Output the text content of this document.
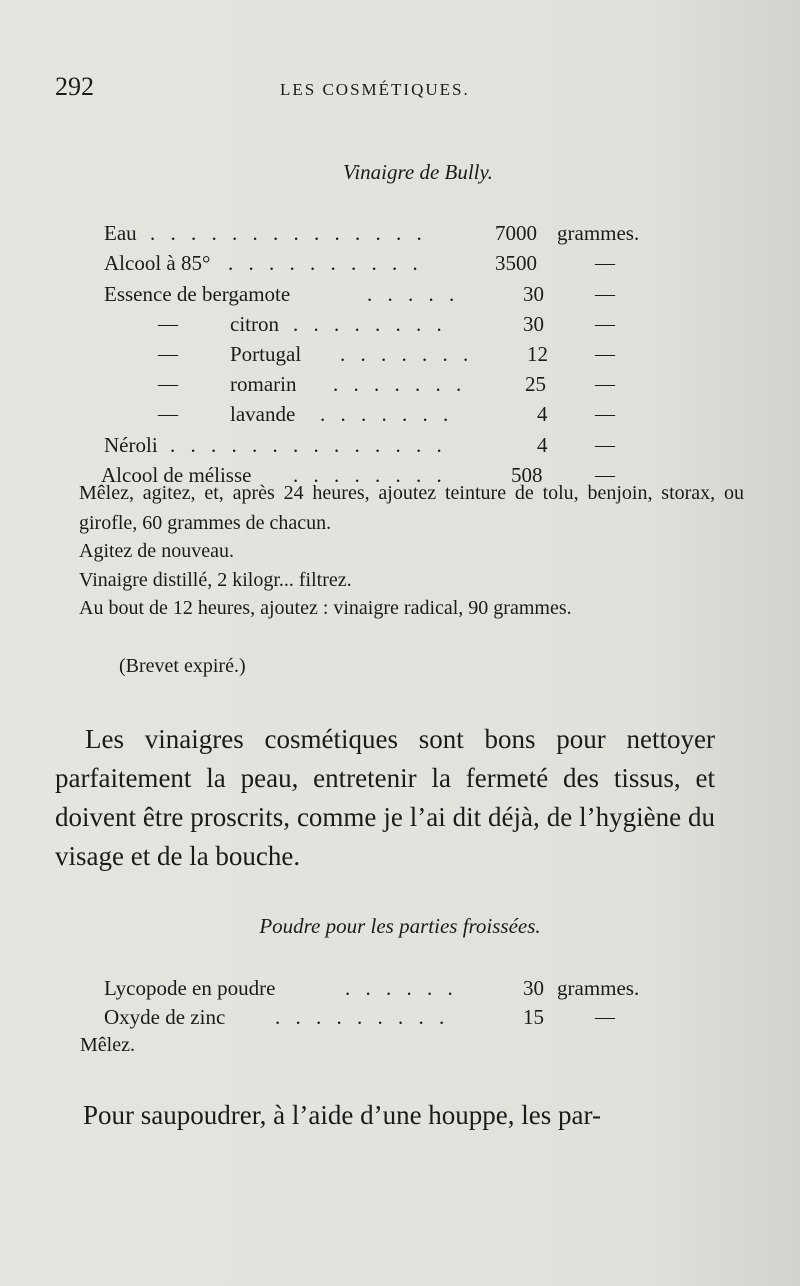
292	LES COSMÉTIQUES.
Vinaigre de Bully.
Eau . . . . . . . . . . . . . .	7000 grammes.
Alcool à 85° . . . . . . . . . .	3500	—
Essence de bergamote	. . . . .	30	—
— citron . . . . . . . .	30	—
— Portugal . . . . . . .	12 —
— romarin . . . . . . .	25 —
— lavande . . . . . . .	4 —
Néroli . . . . . . . . . . . . . .	4 —
Alcool de mélisse . . . . . . . .	508	—
Mêlez, agitez, et, après 24 heures, ajoutez teinture de tolu, benjoin, storax, ou girofle, 60 grammes de chacun.
Agitez de nouveau.
Vinaigre distillé, 2 kilogr... filtrez.
Au bout de 12 heures, ajoutez : vinaigre radical, 90 grammes.
(Brevet expiré.)
Les vinaigres cosmétiques sont bons pour nettoyer parfaitement la peau, entretenir la fermeté des tissus, et doivent être proscrits, comme je l’ai dit déjà, de l’hygiène du visage et de la bouche.
Poudre pour les parties froissées.
Lycopode en poudre	. . . . . .	30 grammes.
Oxyde de zinc . . . . . . . . .	15	—
Mêlez.
Pour saupoudrer, à l’aide d’une houppe, les par-
